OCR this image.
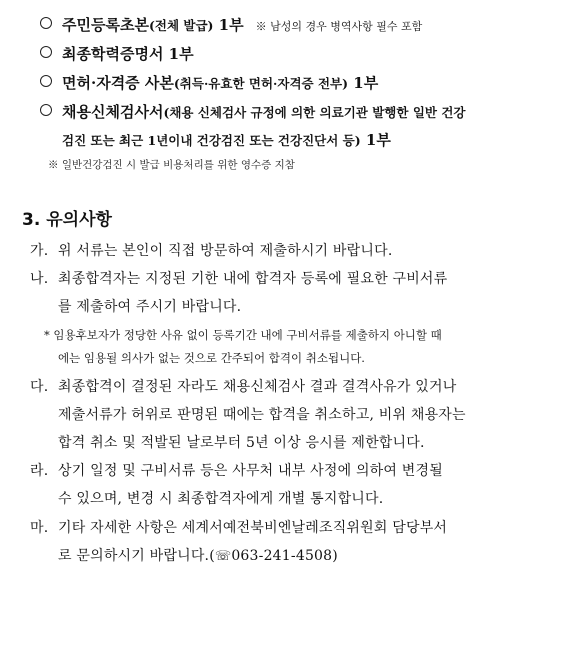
주민등록초본(전체 발급) 1부 ※ 남성의 경우 병역사항 필수 포함
최종학력증명서 1부
면허·자격증 사본(취득·유효한 면허·자격증 전부) 1부
채용신체검사서(채용 신체검사 규정에 의한 의료기관 발행한 일반 건강
검진 또는 최근 1년이내 건강검진 또는 건강진단서 등) 1부
※ 일반건강검진 시 발급 비용처리를 위한 영수증 지참
3. 유의사항
가. 위 서류는 본인이 직접 방문하여 제출하시기 바랍니다.
나. 최종합격자는 지정된 기한 내에 합격자 등록에 필요한 구비서류
를 제출하여 주시기 바랍니다.
* 임용후보자가 정당한 사유 없이 등록기간 내에 구비서류를 제출하지 아니할 때
에는 임용될 의사가 없는 것으로 간주되어 합격이 취소됩니다.
다. 최종합격이 결정된 자라도 채용신체검사 결과 결격사유가 있거나
제출서류가 허위로 판명된 때에는 합격을 취소하고, 비위 채용자는
합격 취소 및 적발된 날로부터 5년 이상 응시를 제한합니다.
라. 상기 일정 및 구비서류 등은 사무처 내부 사정에 의하여 변경될
수 있으며, 변경 시 최종합격자에게 개별 통지합니다.
마. 기타 자세한 사항은 세계서예전북비엔날레조직위원회 담당부서
로 문의하시기 바랍니다.(☏063-241-4508)
